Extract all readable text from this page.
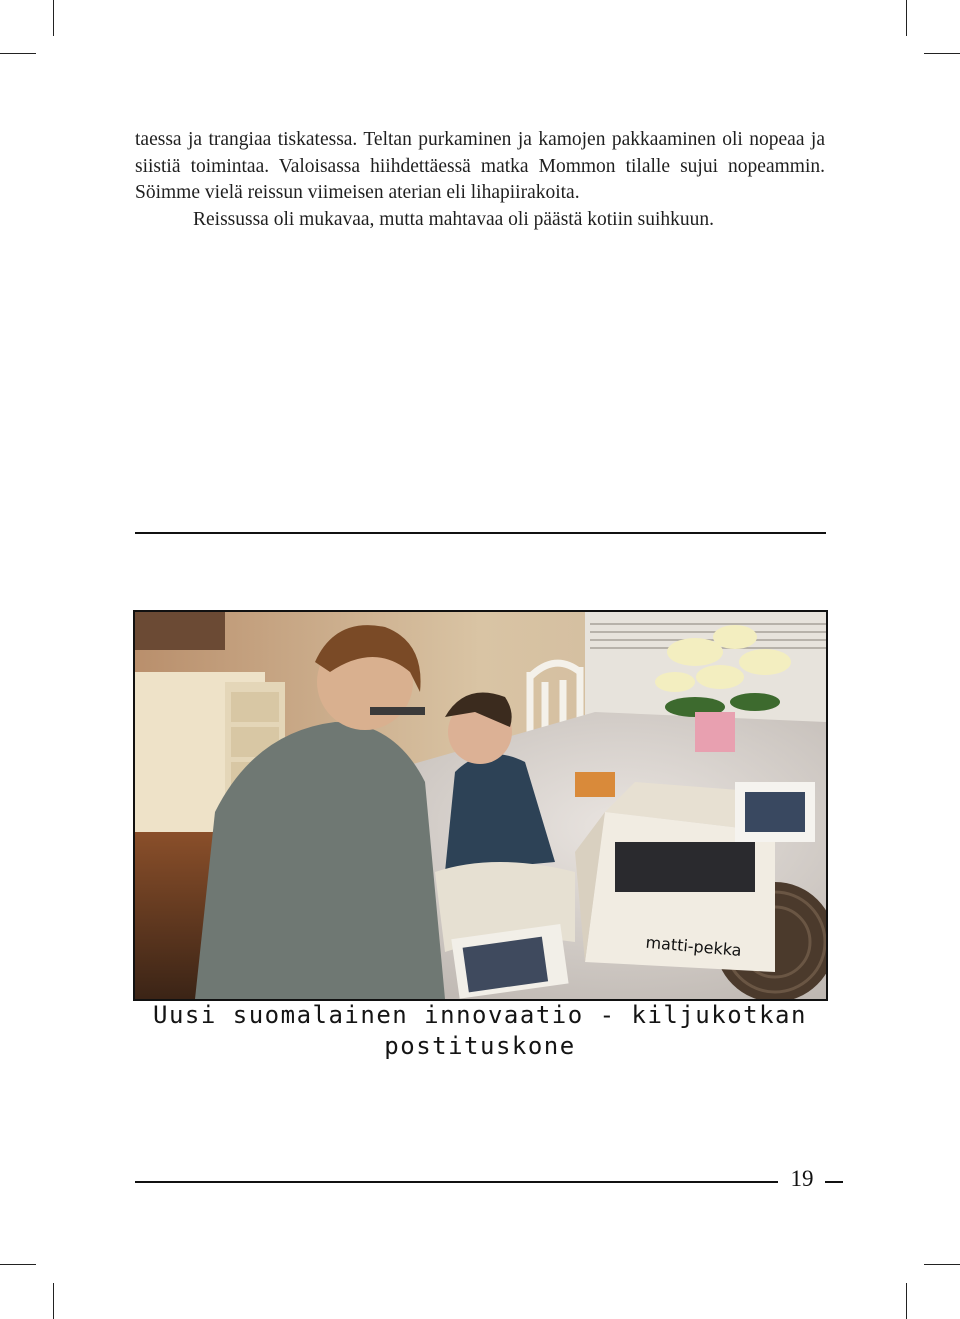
taessa ja trangiaa tiskatessa. Teltan purkaminen ja kamojen pakkaaminen oli nopeaa ja siistiä toimintaa. Valoisassa hiihdettäessä matka Mommon tilalle sujui nopeammin. Söimme vielä reissun viimeisen aterian eli lihapiirakoita.

Reissussa oli mukavaa, mutta mahtavaa oli päästä kotiin suihkuun.

matti-pekka
Uusi suomalainen innovaatio - kiljukotkan postituskone
19
